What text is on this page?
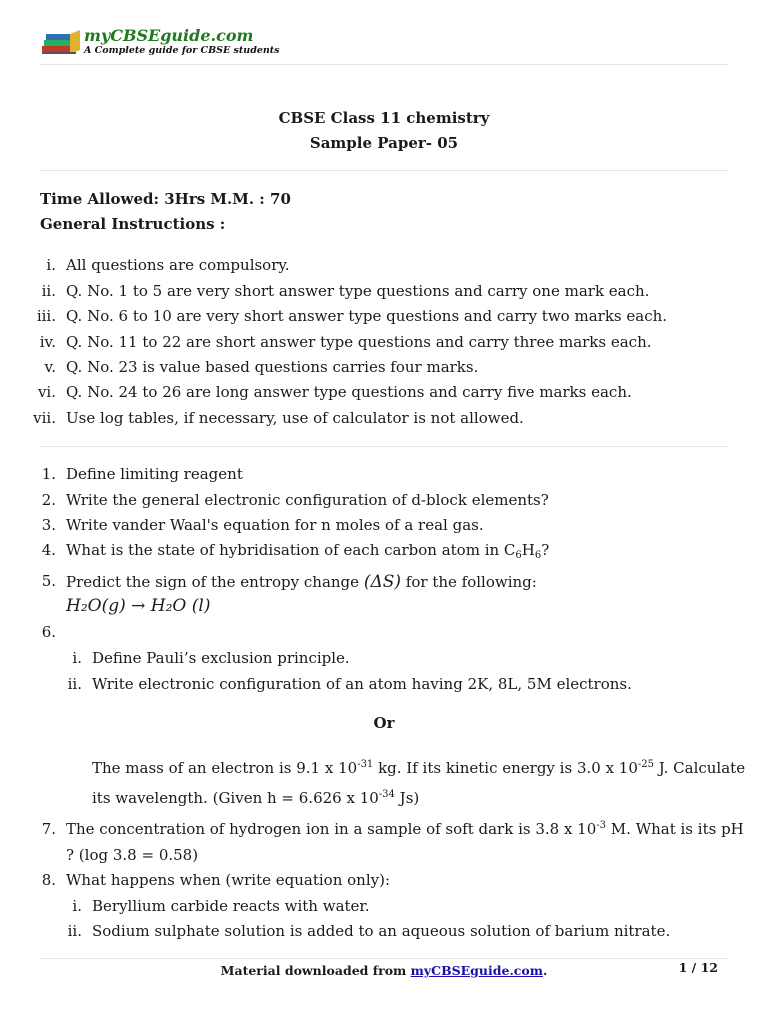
myCBSEguide.com
A Complete guide for CBSE students
CBSE Class 11 chemistry
Sample Paper- 05
Time Allowed: 3Hrs M.M. : 70
General Instructions :
i. All questions are compulsory.
ii. Q. No. 1 to 5 are very short answer type questions and carry one mark each.
iii. Q. No. 6 to 10 are very short answer type questions and carry two marks each.
iv. Q. No. 11 to 22 are short answer type questions and carry three marks each.
v. Q. No. 23 is value based questions carries four marks.
vi. Q. No. 24 to 26 are long answer type questions and carry five marks each.
vii. Use log tables, if necessary, use of calculator is not allowed.
1. Define limiting reagent
2. Write the general electronic configuration of d-block elements?
3. Write vander Waal's equation for n moles of a real gas.
4. What is the state of hybridisation of each carbon atom in $C_6H_6$?
5. Predict the sign of the entropy change (ΔS) for the following:
H₂O(g) → H₂O (l)
6.
i. Define Pauli’s exclusion principle.
ii. Write electronic configuration of an atom having 2K, 8L, 5M electrons.
Or
The mass of an electron is 9.1 x $10^{-31}$ kg. If its kinetic energy is 3.0 x $10^{-25}$ J. Calculate
its wavelength. (Given h = 6.626 x $10^{-34}$ Js)
7. The concentration of hydrogen ion in a sample of soft dark is 3.8 x $10^{-3}$ M. What is its pH
? (log 3.8 = 0.58)
8. What happens when (write equation only):
i. Beryllium carbide reacts with water.
ii. Sodium sulphate solution is added to an aqueous solution of barium nitrate.
Material downloaded from myCBSEguide.com.	1 / 12
